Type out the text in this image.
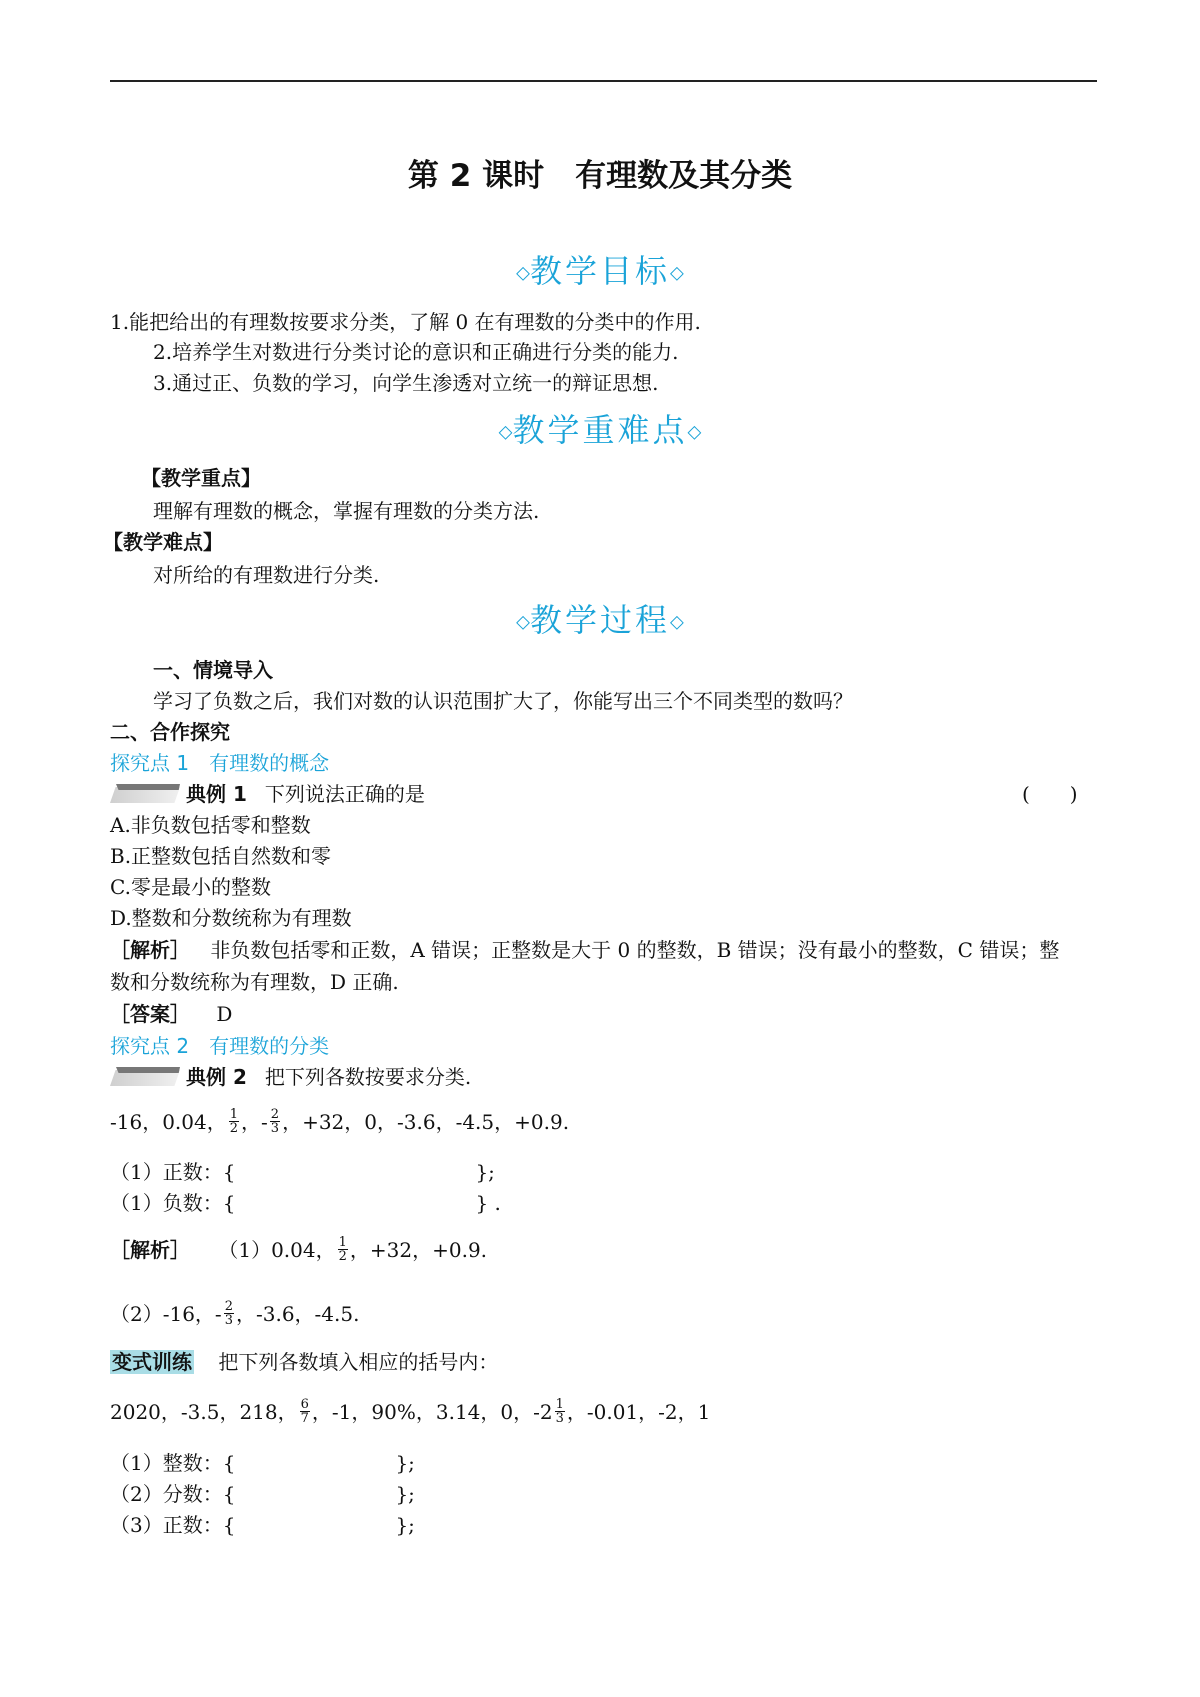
第 2 课时　有理数及其分类
◇教学目标◇
1.能把给出的有理数按要求分类，了解 0 在有理数的分类中的作用.
2.培养学生对数进行分类讨论的意识和正确进行分类的能力.
3.通过正、负数的学习，向学生渗透对立统一的辩证思想.
◇教学重难点◇
【教学重点】
理解有理数的概念，掌握有理数的分类方法.
【教学难点】
对所给的有理数进行分类.
◇教学过程◇
一、情境导入
学习了负数之后，我们对数的认识范围扩大了，你能写出三个不同类型的数吗？
二、合作探究
探究点 1　有理数的概念
典例 1 下列说法正确的是	(　　)
A.非负数包括零和整数
B.正整数包括自然数和零
C.零是最小的整数
D.整数和分数统称为有理数
［解析］ 非负数包括零和正数，A 错误；正整数是大于 0 的整数，B 错误；没有最小的整数，C 错误；整
数和分数统称为有理数，D 正确.
［答案］ D
探究点 2　有理数的分类
典例 2 把下列各数按要求分类.
-16，0.04， $\frac{1}{2}$ ，- $\frac{2}{3}$ ，+32，0，-3.6，-4.5，+0.9.
（1）正数：{　　　　　　　　　　　　};
（1）负数：{　　　　　　　　　　　　} .
［解析］ （1）0.04， $\frac{1}{2}$ ，+32，+0.9.
（2）-16，- $\frac{2}{3}$ ，-3.6，-4.5.
变式训练 把下列各数填入相应的括号内：
2020，-3.5，218， $\frac{6}{7}$ ，-1，90%，3.14，0，$-2 \frac{1}{3}$ ，-0.01，-2，1
（1）整数：{　　　　　　　　};
（2）分数：{　　　　　　　　};
（3）正数：{　　　　　　　　};
